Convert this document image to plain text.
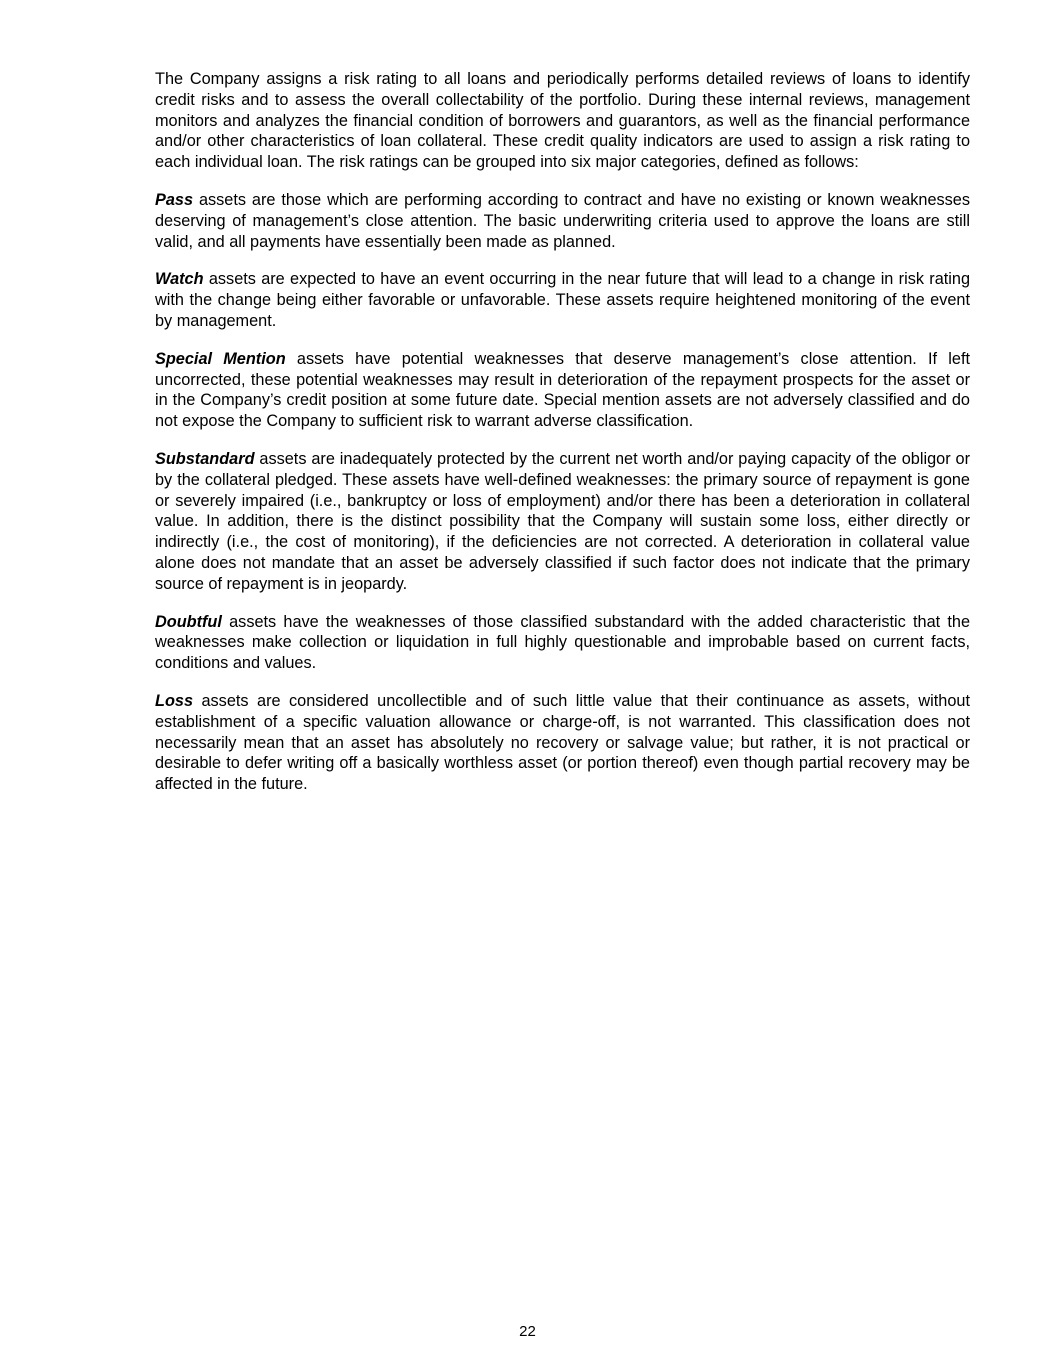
The Company assigns a risk rating to all loans and periodically performs detailed reviews of loans to identify credit risks and to assess the overall collectability of the portfolio. During these internal reviews, management monitors and analyzes the financial condition of borrowers and guarantors, as well as the financial performance and/or other characteristics of loan collateral. These credit quality indicators are used to assign a risk rating to each individual loan. The risk ratings can be grouped into six major categories, defined as follows:

Pass assets are those which are performing according to contract and have no existing or known weaknesses deserving of management’s close attention. The basic underwriting criteria used to approve the loans are still valid, and all payments have essentially been made as planned.

Watch assets are expected to have an event occurring in the near future that will lead to a change in risk rating with the change being either favorable or unfavorable. These assets require heightened monitoring of the event by management.

Special Mention assets have potential weaknesses that deserve management’s close attention. If left uncorrected, these potential weaknesses may result in deterioration of the repayment prospects for the asset or in the Company’s credit position at some future date. Special mention assets are not adversely classified and do not expose the Company to sufficient risk to warrant adverse classification.

Substandard assets are inadequately protected by the current net worth and/or paying capacity of the obligor or by the collateral pledged. These assets have well-defined weaknesses: the primary source of repayment is gone or severely impaired (i.e., bankruptcy or loss of employment) and/or there has been a deterioration in collateral value. In addition, there is the distinct possibility that the Company will sustain some loss, either directly or indirectly (i.e., the cost of monitoring), if the deficiencies are not corrected. A deterioration in collateral value alone does not mandate that an asset be adversely classified if such factor does not indicate that the primary source of repayment is in jeopardy.

Doubtful assets have the weaknesses of those classified substandard with the added characteristic that the weaknesses make collection or liquidation in full highly questionable and improbable based on current facts, conditions and values.

Loss assets are considered uncollectible and of such little value that their continuance as assets, without establishment of a specific valuation allowance or charge-off, is not warranted. This classification does not necessarily mean that an asset has absolutely no recovery or salvage value; but rather, it is not practical or desirable to defer writing off a basically worthless asset (or portion thereof) even though partial recovery may be affected in the future.

22
